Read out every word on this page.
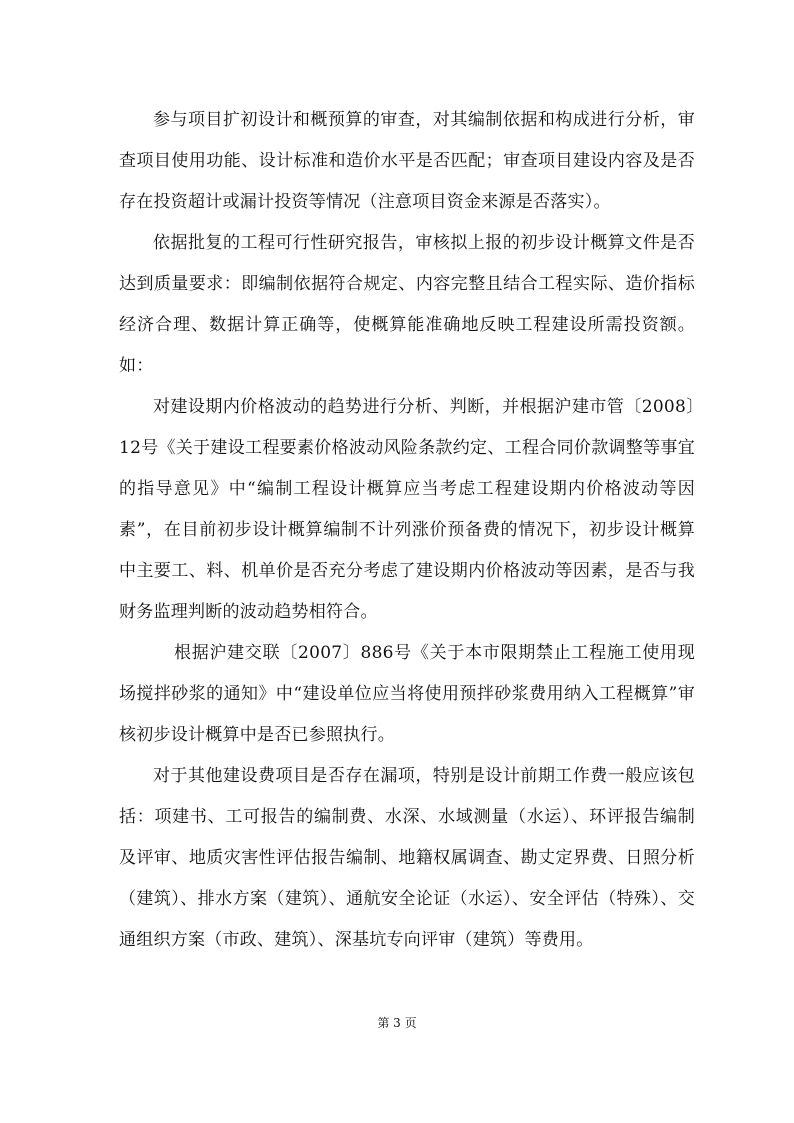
参与项目扩初设计和概预算的审查，对其编制依据和构成进行分析，审查项目使用功能、设计标准和造价水平是否匹配；审查项目建设内容及是否存在投资超计或漏计投资等情况（注意项目资金来源是否落实）。

依据批复的工程可行性研究报告，审核拟上报的初步设计概算文件是否达到质量要求：即编制依据符合规定、内容完整且结合工程实际、造价指标经济合理、数据计算正确等，使概算能准确地反映工程建设所需投资额。如：

对建设期内价格波动的趋势进行分析、判断，并根据沪建市管〔2008〕12号《关于建设工程要素价格波动风险条款约定、工程合同价款调整等事宜的指导意见》中“编制工程设计概算应当考虑工程建设期内价格波动等因素”，在目前初步设计概算编制不计列涨价预备费的情况下，初步设计概算中主要工、料、机单价是否充分考虑了建设期内价格波动等因素，是否与我财务监理判断的波动趋势相符合。

根据沪建交联〔2007〕886号《关于本市限期禁止工程施工使用现场搅拌砂浆的通知》中“建设单位应当将使用预拌砂浆费用纳入工程概算”审核初步设计概算中是否已参照执行。

对于其他建设费项目是否存在漏项，特别是设计前期工作费一般应该包括：项建书、工可报告的编制费、水深、水域测量（水运）、环评报告编制及评审、地质灾害性评估报告编制、地籍权属调查、勘丈定界费、日照分析（建筑）、排水方案（建筑）、通航安全论证（水运）、安全评估（特殊）、交通组织方案（市政、建筑）、深基坑专向评审（建筑）等费用。

第 3 页
